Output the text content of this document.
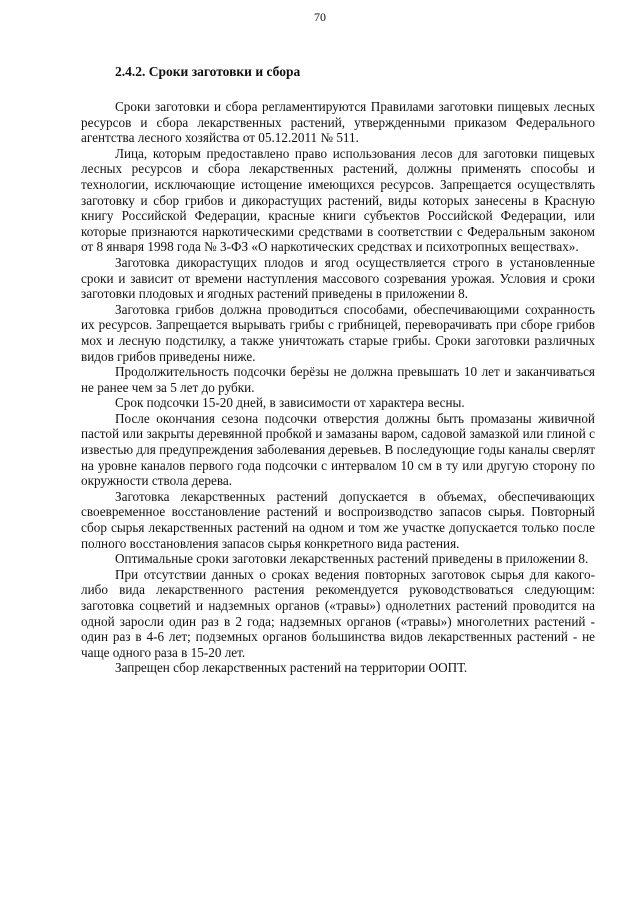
70
2.4.2. Сроки заготовки и сбора

Сроки заготовки и сбора регламентируются Правилами заготовки пищевых лесных ресурсов и сбора лекарственных растений, утвержденными приказом Федерального агентства лесного хозяйства от 05.12.2011 № 511.

Лица, которым предоставлено право использования лесов для заготовки пищевых лесных ресурсов и сбора лекарственных растений, должны применять способы и технологии, исключающие истощение имеющихся ресурсов. Запрещается осуществлять заготовку и сбор грибов и дикорастущих растений, виды которых занесены в Красную книгу Российской Федерации, красные книги субъектов Российской Федерации, или которые признаются наркотическими средствами в соответствии с Федеральным законом от 8 января 1998 года № 3-ФЗ «О наркотических средствах и психотропных веществах».

Заготовка дикорастущих плодов и ягод осуществляется строго в установленные сроки и зависит от времени наступления массового созревания урожая. Условия и сроки заготовки плодовых и ягодных растений приведены в приложении 8.

Заготовка грибов должна проводиться способами, обеспечивающими сохранность их ресурсов. Запрещается вырывать грибы с грибницей, переворачивать при сборе грибов мох и лесную подстилку, а также уничтожать старые грибы. Сроки заготовки различных видов грибов приведены ниже.

Продолжительность подсочки берёзы не должна превышать 10 лет и заканчиваться не ранее чем за 5 лет до рубки.

Срок подсочки 15-20 дней, в зависимости от характера весны.

После окончания сезона подсочки отверстия должны быть промазаны живичной пастой или закрыты деревянной пробкой и замазаны варом, садовой замазкой или глиной с известью для предупреждения заболевания деревьев. В последующие годы каналы сверлят на уровне каналов первого года подсочки с интервалом 10 см в ту или другую сторону по окружности ствола дерева.

Заготовка лекарственных растений допускается в объемах, обеспечивающих своевременное восстановление растений и воспроизводство запасов сырья. Повторный сбор сырья лекарственных растений на одном и том же участке допускается только после полного восстановления запасов сырья конкретного вида растения.

Оптимальные сроки заготовки лекарственных растений приведены в приложении 8.

При отсутствии данных о сроках ведения повторных заготовок сырья для какого-либо вида лекарственного растения рекомендуется руководствоваться следующим: заготовка соцветий и надземных органов («травы») однолетних растений проводится на одной заросли один раз в 2 года; надземных органов («травы») многолетних растений - один раз в 4-6 лет; подземных органов большинства видов лекарственных растений - не чаще одного раза в 15-20 лет.

Запрещен сбор лекарственных растений на территории ООПТ.
